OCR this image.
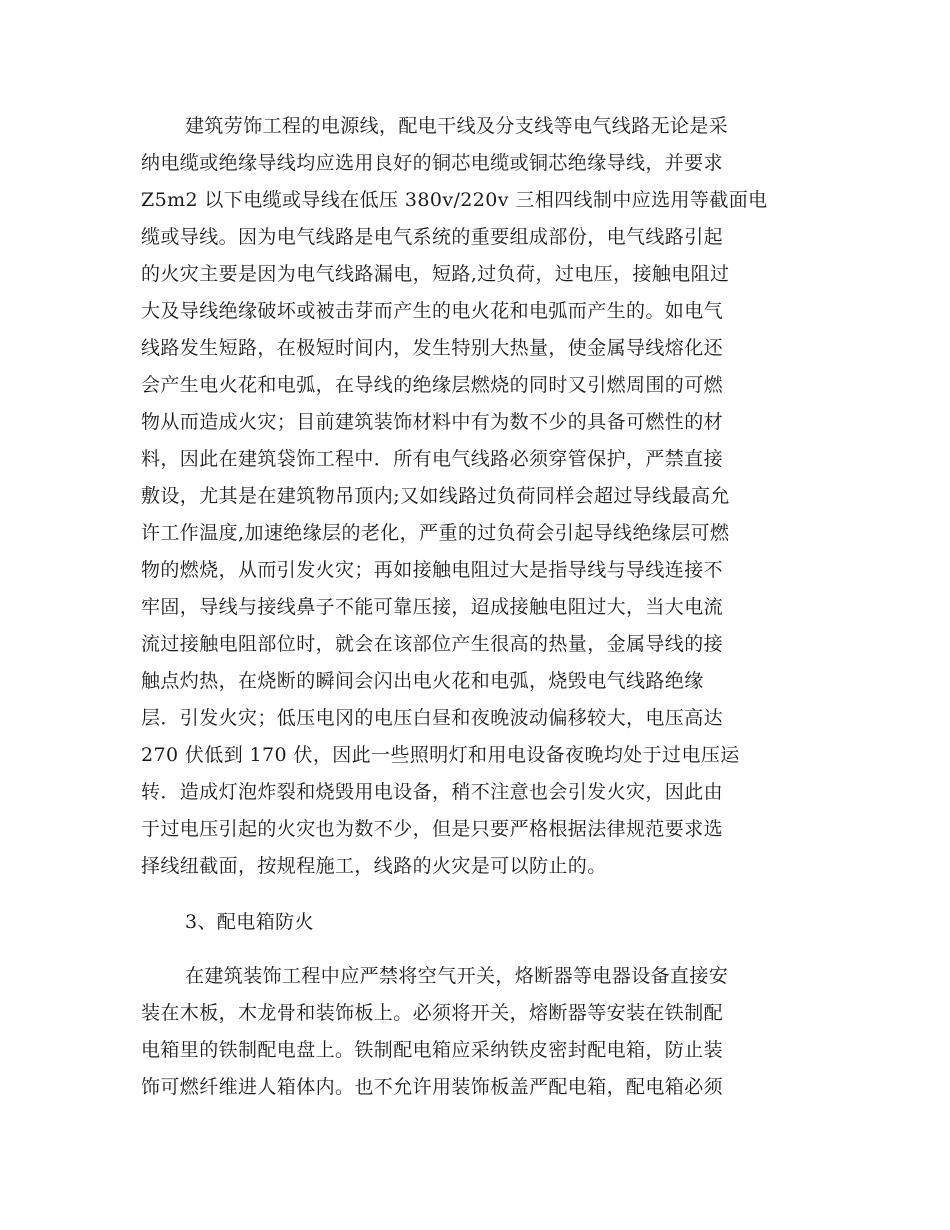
建筑劳饰工程的电源线，配电干线及分支线等电气线路无论是采

纳电缆或绝缘导线均应选用良好的铜芯电缆或铜芯绝缘导线，并要求

Z5m2 以下电缆或导线在低压 380v/220v 三相四线制中应选用等截面电

缆或导线。因为电气线路是电气系统的重要组成部份，电气线路引起

的火灾主要是因为电气线路漏电，短路,过负荷，过电压，接触电阻过

大及导线绝缘破坏或被击芽而产生的电火花和电弧而产生的。如电气

线路发生短路，在极短时间内，发生特别大热量，使金属导线熔化还

会产生电火花和电弧，在导线的绝缘层燃烧的同时又引燃周围的可燃

物从而造成火灾；目前建筑装饰材料中有为数不少的具备可燃性的材

料，因此在建筑袋饰工程中．所有电气线路必须穿管保护，严禁直接

敷设，尤其是在建筑物吊顶内;又如线路过负荷同样会超过导线最高允

许工作温度,加速绝缘层的老化，严重的过负荷会引起导线绝缘层可燃

物的燃烧，从而引发火灾；再如接触电阻过大是指导线与导线连接不

牢固，导线与接线鼻子不能可靠压接，迢成接触电阻过大，当大电流

流过接触电阻部位时，就会在该部位产生很高的热量，金属导线的接

触点灼热，在烧断的瞬间会闪出电火花和电弧，烧毁电气线路绝缘

层．引发火灾；低压电冈的电压白昼和夜晚波动偏移较大，电压高达

270 伏低到 170 伏，因此一些照明灯和用电设备夜晚均处于过电压运

转．造成灯泡炸裂和烧毁用电设备，稍不注意也会引发火灾，因此由

于过电压引起的火灾也为数不少，但是只要严格根据法律规范要求选

择线纽截面，按规程施工，线路的火灾是可以防止的。

3、配电箱防火

在建筑装饰工程中应严禁将空气开关，烙断器等电器设备直接安

装在木板，木龙骨和装饰板上。必须将开关，熔断器等安装在铁制配

电箱里的铁制配电盘上。铁制配电箱应采纳铁皮密封配电箱，防止装

饰可燃纤维进人箱体内。也不允许用装饰板盖严配电箱，配电箱必须
